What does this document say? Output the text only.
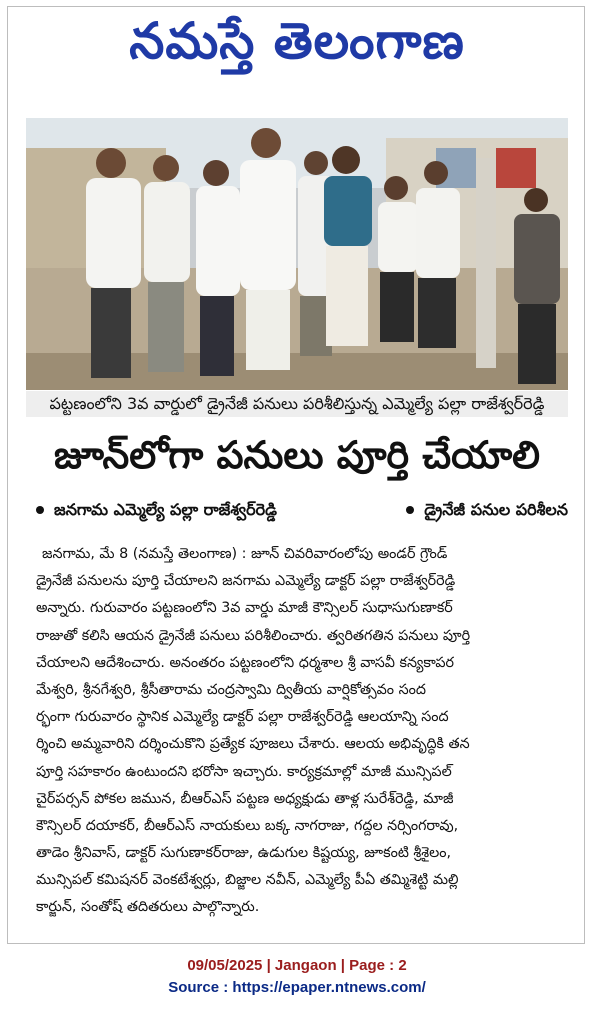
నమస్తే తెలంగాణ
పట్టణంలోని 3వ వార్డులో డ్రైనేజీ పనులు పరిశీలిస్తున్న ఎమ్మెల్యే పల్లా రాజేశ్వర్‌రెడ్డి
జూన్‌లోగా పనులు పూర్తి చేయాలి
జనగామ ఎమ్మెల్యే పల్లా రాజేశ్వర్‌రెడ్డి	డ్రైనేజీ పనుల పరిశీలన
జనగామ, మే 8 (నమస్తే తెలంగాణ) : జూన్ చివరివారంలోపు అండర్ గ్రౌండ్
డ్రైనేజీ పనులను పూర్తి చేయాలని జనగామ ఎమ్మెల్యే డాక్టర్ పల్లా రాజేశ్వర్‌రెడ్డి
అన్నారు. గురువారం పట్టణంలోని 3వ వార్డు మాజీ కౌన్సిలర్ సుధాసుగుణాకర్
రాజుతో కలిసి ఆయన డ్రైనేజీ పనులు పరిశీలించారు. త్వరితగతిన పనులు పూర్తి
చేయాలని ఆదేశించారు. అనంతరం పట్టణంలోని ధర్మశాల శ్రీ వాసవీ కన్యకాపర
మేశ్వరి, శ్రీనగేశ్వరి, శ్రీసీతారామ చంద్రస్వామి ద్వితీయ వార్షికోత్సవం సంద
ర్భంగా గురువారం స్థానిక ఎమ్మెల్యే డాక్టర్ పల్లా రాజేశ్వర్‌రెడ్డి ఆలయాన్ని సంద
ర్శించి అమ్మవారిని దర్శించుకొని ప్రత్యేక పూజలు చేశారు. ఆలయ అభివృద్ధికి తన
పూర్తి సహకారం ఉంటుందని భరోసా ఇచ్చారు. కార్యక్రమాల్లో మాజీ మున్సిపల్
చైర్‌పర్సన్ పోకల జమున, బీఆర్‌ఎస్ పట్టణ అధ్యక్షుడు తాళ్ల సురేశ్‌రెడ్డి, మాజీ
కౌన్సిలర్ దయాకర్, బీఆర్‌ఎస్ నాయకులు బక్క నాగరాజు, గద్దల నర్సింగరావు,
తాడెం శ్రీనివాస్, డాక్టర్ సుగుణాకర్‌రాజు, ఉడుగుల కిష్టయ్య, జూకంటి శ్రీశైలం,
మున్సిపల్ కమిషనర్ వెంకటేశ్వర్లు, బిజ్జాల నవీన్, ఎమ్మెల్యే పీఏ తమ్మిశెట్టి మల్లి
కార్జున్, సంతోష్ తదితరులు పాల్గొన్నారు.
09/05/2025 | Jangaon | Page : 2
Source : https://epaper.ntnews.com/
